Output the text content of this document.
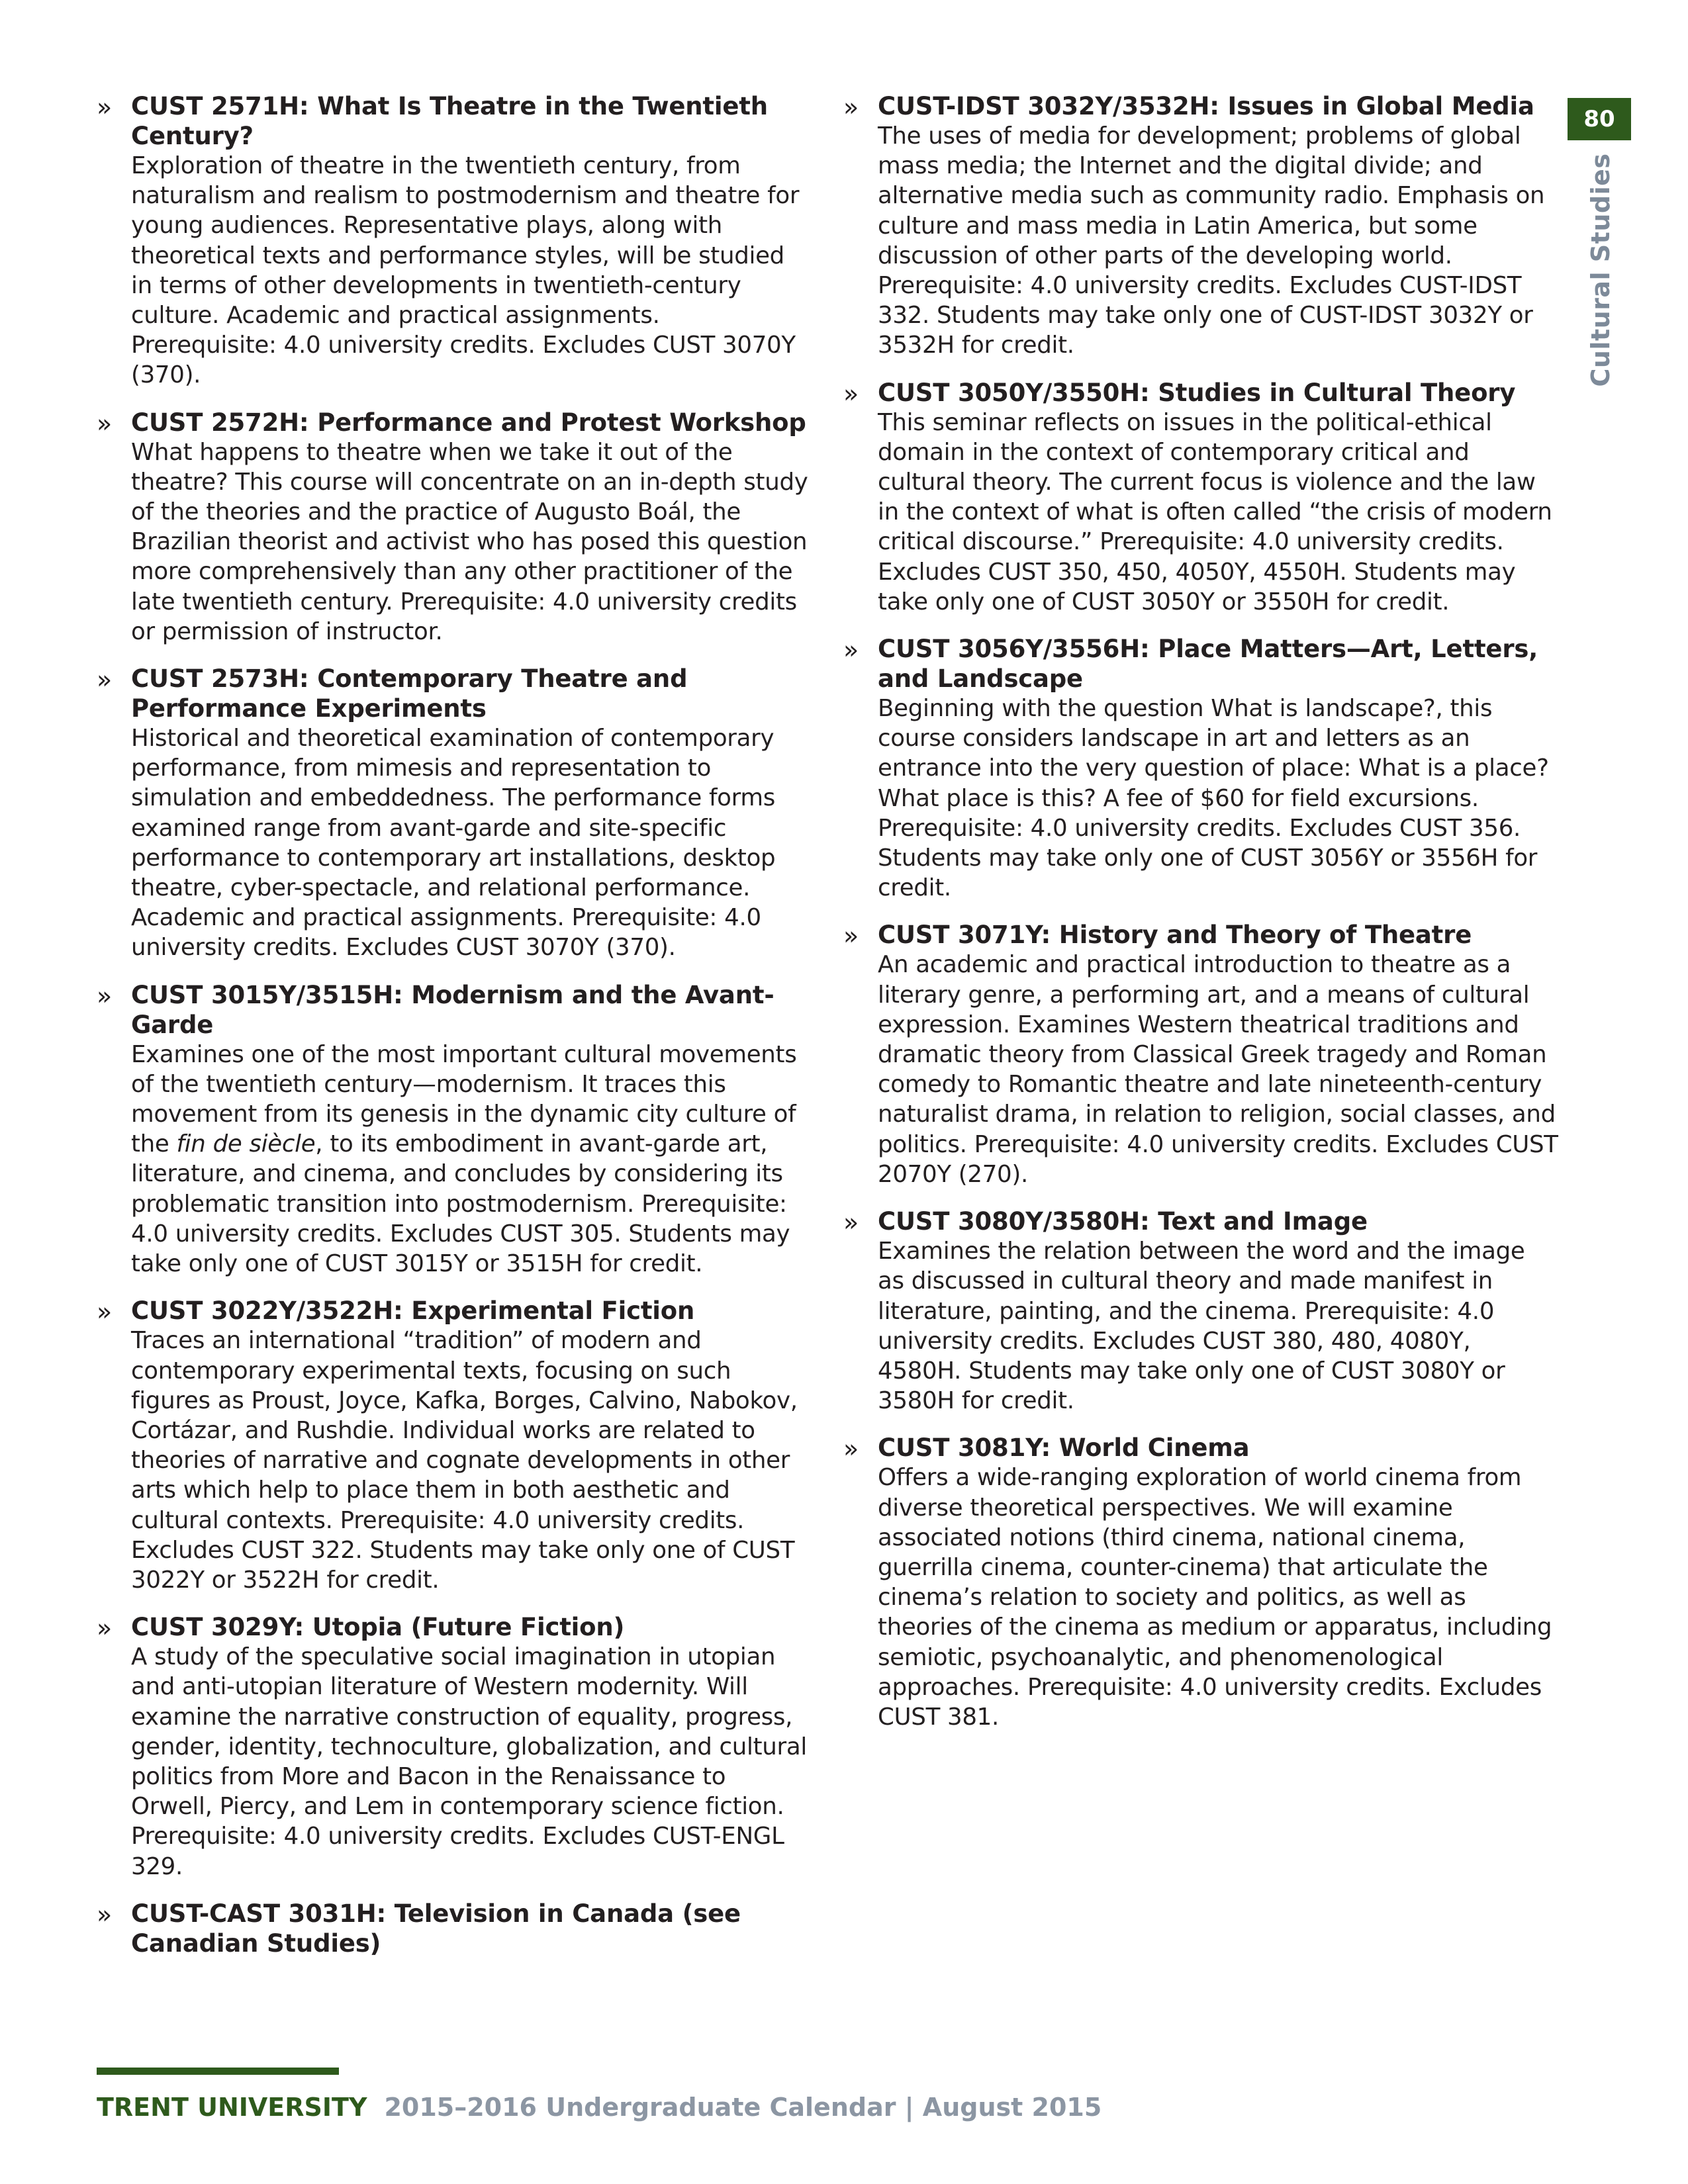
» CUST 2571H: What Is Theatre in the Twentieth Century?

Exploration of theatre in the twentieth century, from naturalism and realism to postmodernism and theatre for young audiences. Representative plays, along with theoretical texts and performance styles, will be studied in terms of other developments in twentieth-century culture. Academic and practical assignments. Prerequisite: 4.0 university credits. Excludes CUST 3070Y (370).

» CUST 2572H: Performance and Protest Workshop

What happens to theatre when we take it out of the theatre? This course will concentrate on an in-depth study of the theories and the practice of Augusto Boál, the Brazilian theorist and activist who has posed this question more comprehensively than any other practitioner of the late twentieth century. Prerequisite: 4.0 university credits or permission of instructor.

» CUST 2573H: Contemporary Theatre and Performance Experiments

Historical and theoretical examination of contemporary performance, from mimesis and representation to simulation and embeddedness. The performance forms examined range from avant-garde and site-specific performance to contemporary art installations, desktop theatre, cyber-spectacle, and relational performance. Academic and practical assignments. Prerequisite: 4.0 university credits. Excludes CUST 3070Y (370).

» CUST 3015Y/3515H: Modernism and the Avant-Garde

Examines one of the most important cultural movements of the twentieth century—modernism. It traces this movement from its genesis in the dynamic city culture of the fin de siècle, to its embodiment in avant-garde art, literature, and cinema, and concludes by considering its problematic transition into postmodernism. Prerequisite: 4.0 university credits. Excludes CUST 305. Students may take only one of CUST 3015Y or 3515H for credit.

» CUST 3022Y/3522H: Experimental Fiction

Traces an international “tradition” of modern and contemporary experimental texts, focusing on such figures as Proust, Joyce, Kafka, Borges, Calvino, Nabokov, Cortázar, and Rushdie. Individual works are related to theories of narrative and cognate developments in other arts which help to place them in both aesthetic and cultural contexts. Prerequisite: 4.0 university credits. Excludes CUST 322. Students may take only one of CUST 3022Y or 3522H for credit.

» CUST 3029Y: Utopia (Future Fiction)

A study of the speculative social imagination in utopian and anti-utopian literature of Western modernity. Will examine the narrative construction of equality, progress, gender, identity, technoculture, globalization, and cultural politics from More and Bacon in the Renaissance to Orwell, Piercy, and Lem in contemporary science fiction. Prerequisite: 4.0 university credits. Excludes CUST-ENGL 329.

» CUST-CAST 3031H: Television in Canada (see Canadian Studies)

» CUST-IDST 3032Y/3532H: Issues in Global Media

The uses of media for development; problems of global mass media; the Internet and the digital divide; and alternative media such as community radio. Emphasis on culture and mass media in Latin America, but some discussion of other parts of the developing world. Prerequisite: 4.0 university credits. Excludes CUST-IDST 332. Students may take only one of CUST-IDST 3032Y or 3532H for credit.

» CUST 3050Y/3550H: Studies in Cultural Theory

This seminar reflects on issues in the political-ethical domain in the context of contemporary critical and cultural theory. The current focus is violence and the law in the context of what is often called “the crisis of modern critical discourse.” Prerequisite: 4.0 university credits. Excludes CUST 350, 450, 4050Y, 4550H. Students may take only one of CUST 3050Y or 3550H for credit.

» CUST 3056Y/3556H: Place Matters—Art, Letters, and Landscape

Beginning with the question What is landscape?, this course considers landscape in art and letters as an entrance into the very question of place: What is a place? What place is this? A fee of $60 for field excursions. Prerequisite: 4.0 university credits. Excludes CUST 356. Students may take only one of CUST 3056Y or 3556H for credit.

» CUST 3071Y: History and Theory of Theatre

An academic and practical introduction to theatre as a literary genre, a performing art, and a means of cultural expression. Examines Western theatrical traditions and dramatic theory from Classical Greek tragedy and Roman comedy to Romantic theatre and late nineteenth-century naturalist drama, in relation to religion, social classes, and politics. Prerequisite: 4.0 university credits. Excludes CUST 2070Y (270).

» CUST 3080Y/3580H: Text and Image

Examines the relation between the word and the image as discussed in cultural theory and made manifest in literature, painting, and the cinema. Prerequisite: 4.0 university credits. Excludes CUST 380, 480, 4080Y, 4580H. Students may take only one of CUST 3080Y or 3580H for credit.

» CUST 3081Y: World Cinema

Offers a wide-ranging exploration of world cinema from diverse theoretical perspectives. We will examine associated notions (third cinema, national cinema, guerrilla cinema, counter-cinema) that articulate the cinema’s relation to society and politics, as well as theories of the cinema as medium or apparatus, including semiotic, psychoanalytic, and phenomenological approaches. Prerequisite: 4.0 university credits. Excludes CUST 381.

80
Cultural Studies
TRENT UNIVERSITY 2015–2016 Undergraduate Calendar | August 2015
